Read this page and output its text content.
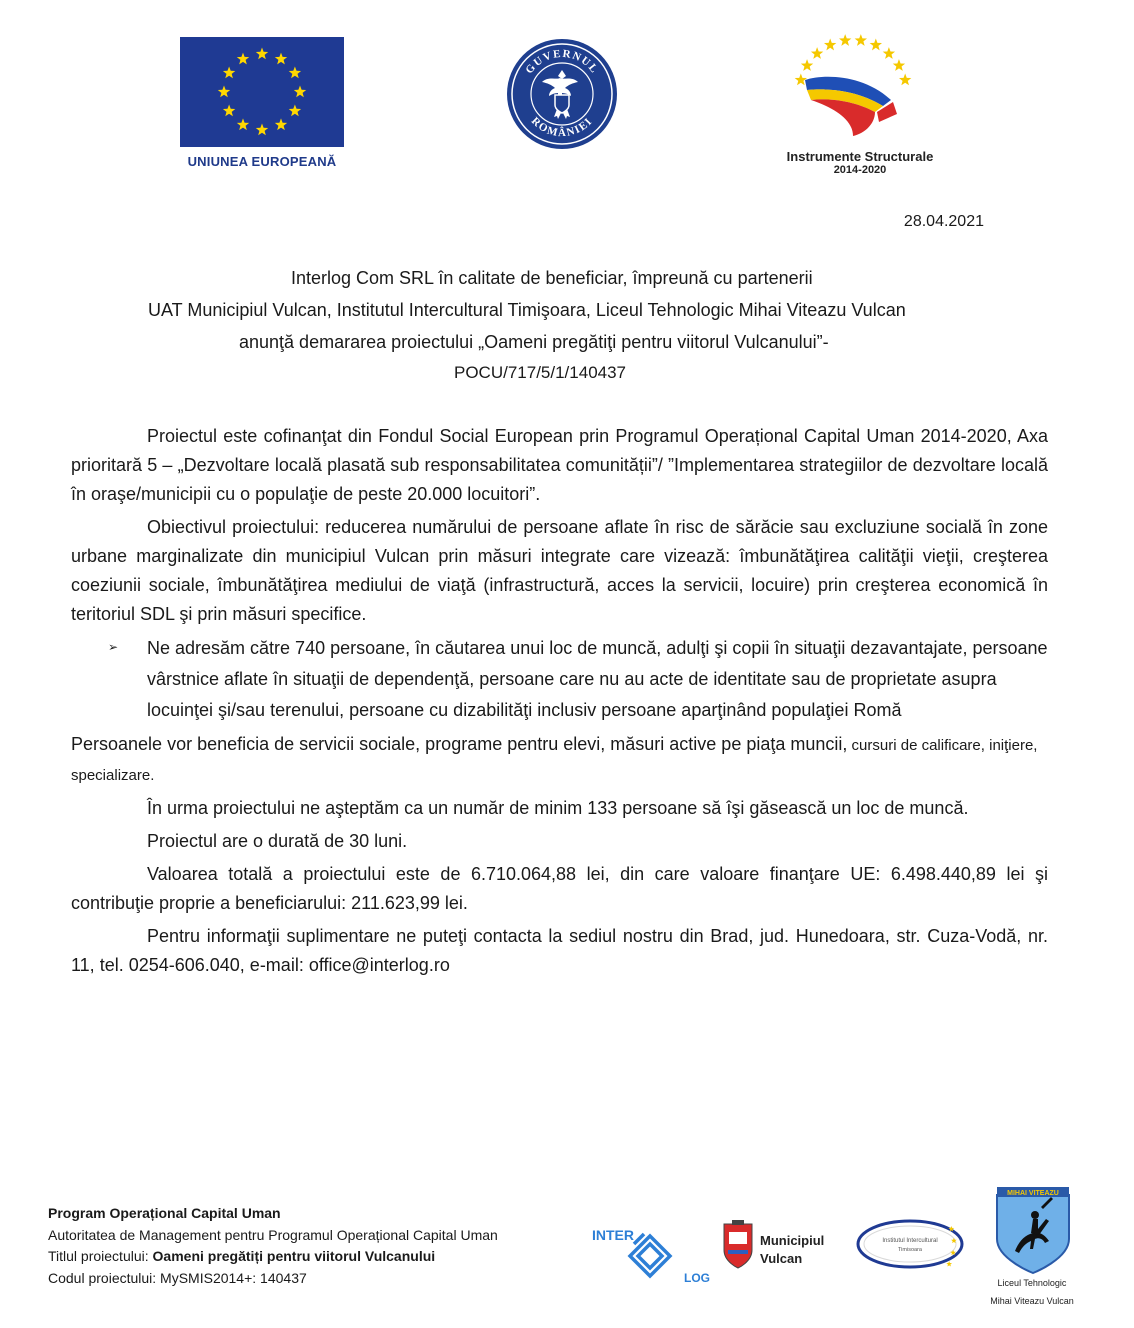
UNIUNEA EUROPEANĂ
GUVERNUL
ROMÂNIEI
Instrumente Structurale
2014-2020
28.04.2021
Interlog Com SRL în calitate de beneficiar, împreună cu partenerii
UAT Municipiul Vulcan, Institutul Intercultural Timişoara, Liceul Tehnologic Mihai Viteazu Vulcan
anunţă demararea proiectului „Oameni pregătiţi pentru viitorul Vulcanului”-
POCU/717/5/1/140437

Proiectul este cofinanţat din Fondul Social European prin Programul Operațional Capital Uman 2014-2020, Axa prioritară 5 – „Dezvoltare locală plasată sub responsabilitatea comunității”/ ”Implementarea strategiilor de dezvoltare locală în oraşe/municipii cu o populaţie de peste 20.000 locuitori”.

Obiectivul proiectului: reducerea numărului de persoane aflate în risc de sărăcie sau excluziune socială în zone urbane marginalizate din municipiul Vulcan prin măsuri integrate care vizează: îmbunătăţirea calităţii vieţii, creşterea coeziunii sociale, îmbunătăţirea mediului de viaţă (infrastructură, acces la servicii, locuire) prin creşterea economică în teritoriul SDL şi prin măsuri specifice.

➢ Ne adresăm către 740 persoane, în căutarea unui loc de muncă, adulţi şi copii în situaţii dezavantajate, persoane vârstnice aflate în situaţii de dependenţă, persoane care nu au acte de identitate sau de proprietate asupra locuinţei şi/sau terenului, persoane cu dizabilităţi inclusiv persoane aparţinând populaţiei Romă
Persoanele vor beneficia de servicii sociale, programe pentru elevi, măsuri active pe piaţa muncii, cursuri de calificare, iniţiere, specializare.

În urma proiectului ne aşteptăm ca un număr de minim 133 persoane să îşi găsească un loc de muncă.

Proiectul are o durată de 30 luni.

Valoarea totală a proiectului este de 6.710.064,88 lei, din care valoare finanţare UE: 6.498.440,89 lei şi contribuţie proprie a beneficiarului: 211.623,99 lei.

Pentru informaţii suplimentare ne puteţi contacta la sediul nostru din Brad, jud. Hunedoara, str. Cuza-Vodă, nr. 11, tel. 0254-606.040, e-mail: office@interlog.ro

Program Operațional Capital Uman
Autoritatea de Management pentru Programul Operațional Capital Uman
Titlul proiectului: Oameni pregătiți pentru viitorul Vulcanului
Codul proiectului: MySMIS2014+: 140437
INTER
LOG
Municipiul
Vulcan
Institutul Intercultural
Timisoara
MIHAI VITEAZU
Liceul Tehnologic
Mihai Viteazu Vulcan
